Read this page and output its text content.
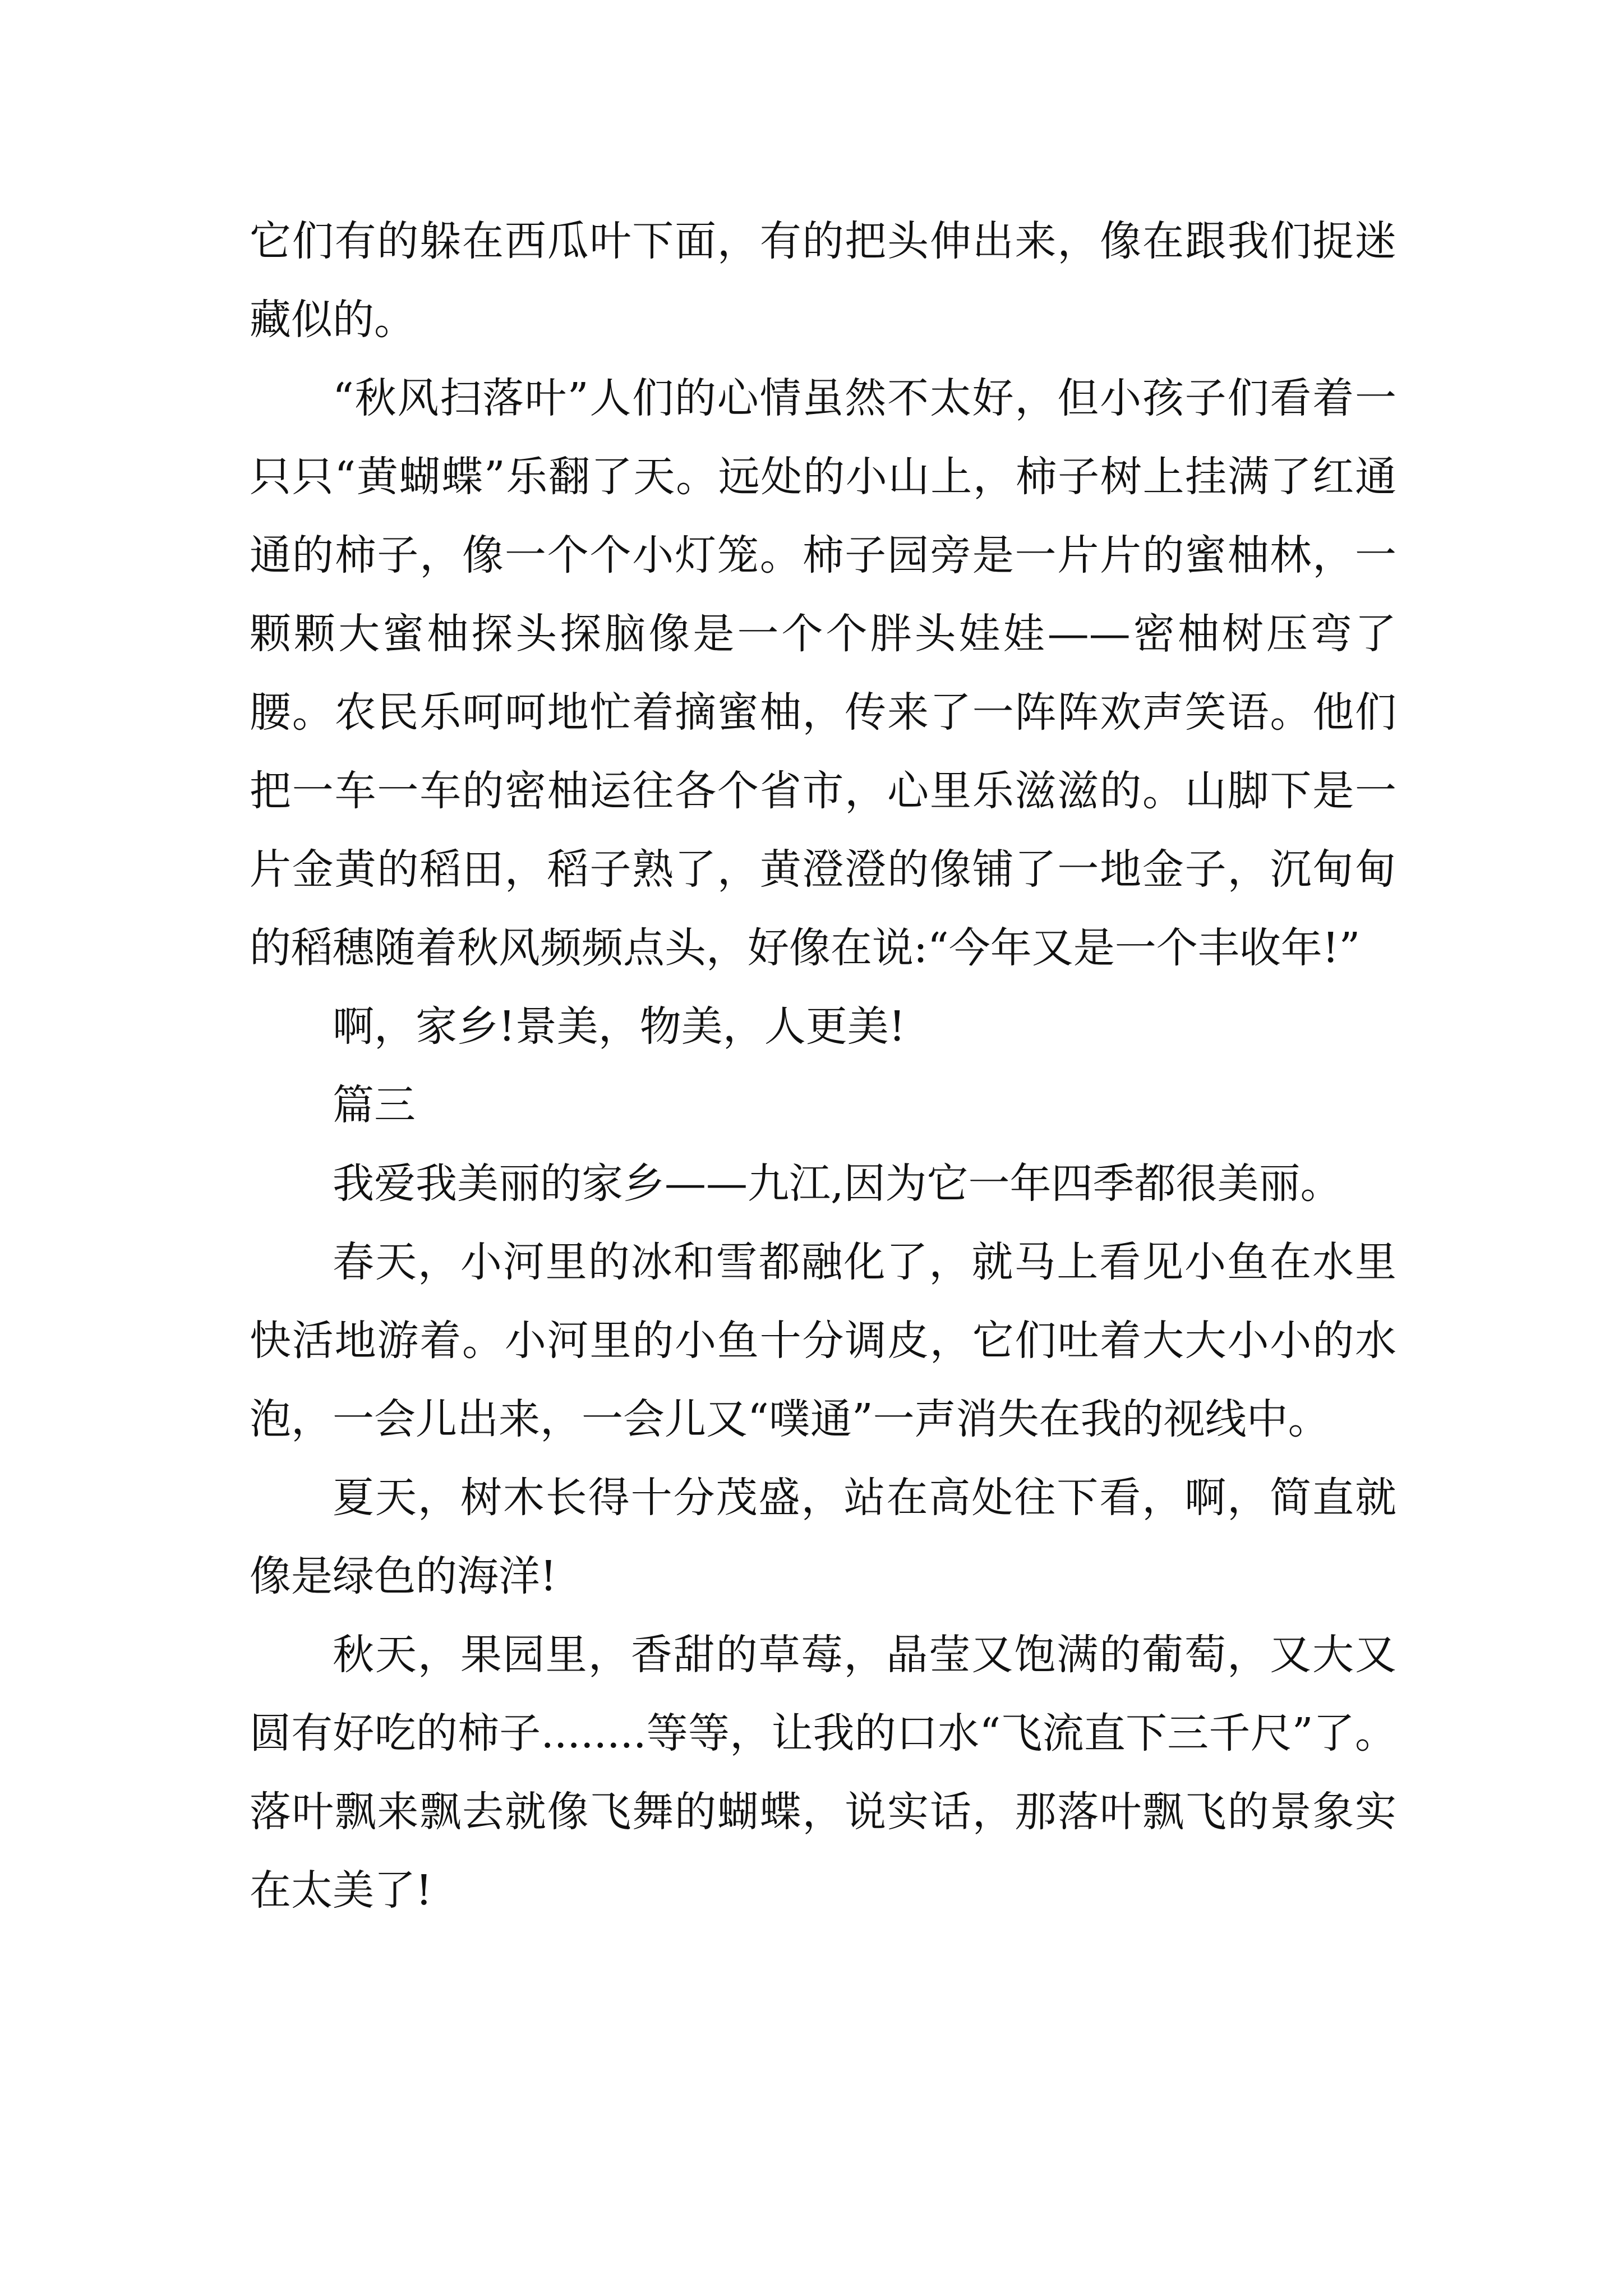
它们有的躲在西瓜叶下面，有的把头伸出来，像在跟我们捉迷藏似的。

“秋风扫落叶”人们的心情虽然不太好，但小孩子们看着一只只“黄蝴蝶”乐翻了天。远处的小山上，柿子树上挂满了红通通的柿子，像一个个小灯笼。柿子园旁是一片片的蜜柚林，一颗颗大蜜柚探头探脑像是一个个胖头娃娃——密柚树压弯了腰。农民乐呵呵地忙着摘蜜柚，传来了一阵阵欢声笑语。他们把一车一车的密柚运往各个省市，心里乐滋滋的。山脚下是一片金黄的稻田，稻子熟了，黄澄澄的像铺了一地金子，沉甸甸的稻穗随着秋风频频点头，好像在说:“今年又是一个丰收年!”

啊，家乡!景美，物美，人更美!

篇三

我爱我美丽的家乡——九江,因为它一年四季都很美丽。

春天，小河里的冰和雪都融化了，就马上看见小鱼在水里快活地游着。小河里的小鱼十分调皮，它们吐着大大小小的水泡，一会儿出来，一会儿又“噗通”一声消失在我的视线中。

夏天，树木长得十分茂盛，站在高处往下看，啊，简直就像是绿色的海洋!

秋天，果园里，香甜的草莓，晶莹又饱满的葡萄，又大又圆有好吃的柿子........等等，让我的口水“飞流直下三千尺”了。落叶飘来飘去就像飞舞的蝴蝶，说实话，那落叶飘飞的景象实在太美了!
